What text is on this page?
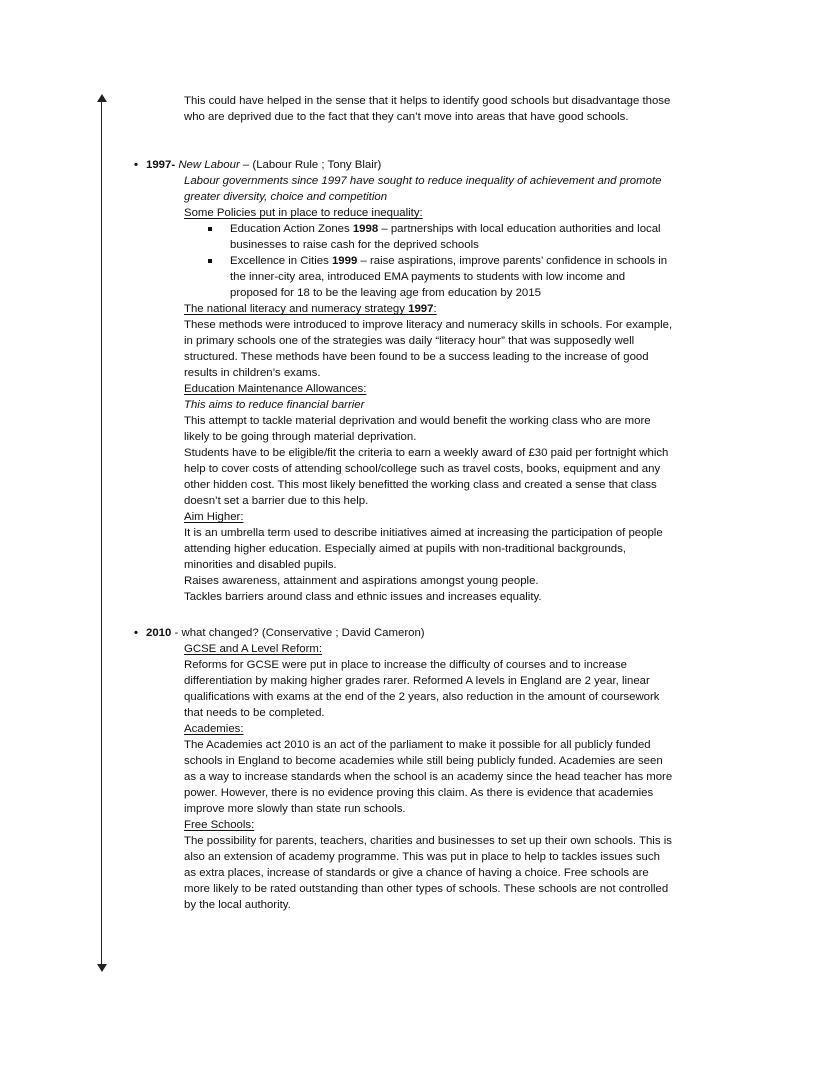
This could have helped in the sense that it helps to identify good schools but disadvantage those who are deprived due to the fact that they can’t move into areas that have good schools.

• 1997- New Labour – (Labour Rule ; Tony Blair)

Labour governments since 1997 have sought to reduce inequality of achievement and promote greater diversity, choice and competition

Some Policies put in place to reduce inequality:

Education Action Zones 1998 – partnerships with local education authorities and local businesses to raise cash for the deprived schools
Excellence in Cities 1999 – raise aspirations, improve parents’ confidence in schools in the inner-city area, introduced EMA payments to students with low income and proposed for 18 to be the leaving age from education by 2015

The national literacy and numeracy strategy 1997:

These methods were introduced to improve literacy and numeracy skills in schools. For example, in primary schools one of the strategies was daily “literacy hour” that was supposedly well structured. These methods have been found to be a success leading to the increase of good results in children’s exams.

Education Maintenance Allowances:

This aims to reduce financial barrier

This attempt to tackle material deprivation and would benefit the working class who are more likely to be going through material deprivation.

Students have to be eligible/fit the criteria to earn a weekly award of £30 paid per fortnight which help to cover costs of attending school/college such as travel costs, books, equipment and any other hidden cost. This most likely benefitted the working class and created a sense that class doesn’t set a barrier due to this help.

Aim Higher:

It is an umbrella term used to describe initiatives aimed at increasing the participation of people attending higher education. Especially aimed at pupils with non-traditional backgrounds, minorities and disabled pupils.

Raises awareness, attainment and aspirations amongst young people.

Tackles barriers around class and ethnic issues and increases equality.

• 2010 - what changed? (Conservative ; David Cameron)

GCSE and A Level Reform:

Reforms for GCSE were put in place to increase the difficulty of courses and to increase differentiation by making higher grades rarer. Reformed A levels in England are 2 year, linear qualifications with exams at the end of the 2 years, also reduction in the amount of coursework that needs to be completed.

Academies:

The Academies act 2010 is an act of the parliament to make it possible for all publicly funded schools in England to become academies while still being publicly funded. Academies are seen as a way to increase standards when the school is an academy since the head teacher has more power. However, there is no evidence proving this claim. As there is evidence that academies improve more slowly than state run schools.

Free Schools:

The possibility for parents, teachers, charities and businesses to set up their own schools. This is also an extension of academy programme. This was put in place to help to tackles issues such as extra places, increase of standards or give a chance of having a choice. Free schools are more likely to be rated outstanding than other types of schools. These schools are not controlled by the local authority.
